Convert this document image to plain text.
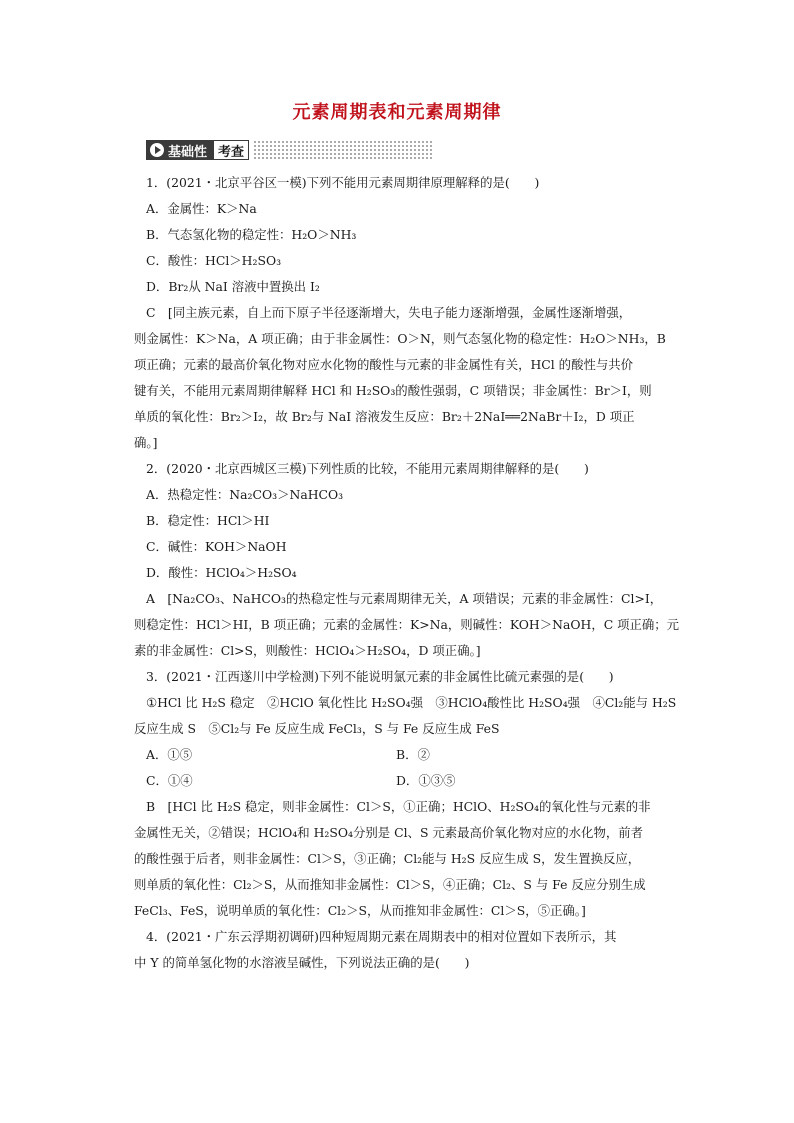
元素周期表和元素周期律
基础性 考查
1．(2021・北京平谷区一模)下列不能用元素周期律原理解释的是(　　)
A．金属性：K＞Na
B．气态氢化物的稳定性：H₂O＞NH₃
C．酸性：HCl＞H₂SO₃
D．Br₂从 NaI 溶液中置换出 I₂
C　[同主族元素，自上而下原子半径逐渐增大，失电子能力逐渐增强，金属性逐渐增强，
则金属性：K＞Na，A 项正确；由于非金属性：O＞N，则气态氢化物的稳定性：H₂O＞NH₃，B
项正确；元素的最高价氧化物对应水化物的酸性与元素的非金属性有关，HCl 的酸性与共价
键有关，不能用元素周期律解释 HCl 和 H₂SO₃的酸性强弱，C 项错误；非金属性：Br＞I，则
单质的氧化性：Br₂＞I₂，故 Br₂与 NaI 溶液发生反应：Br₂＋2NaI══2NaBr＋I₂，D 项正
确。]
2．(2020・北京西城区三模)下列性质的比较，不能用元素周期律解释的是(　　)
A．热稳定性：Na₂CO₃＞NaHCO₃
B．稳定性：HCl＞HI
C．碱性：KOH＞NaOH
D．酸性：HClO₄＞H₂SO₄
A　[Na₂CO₃、NaHCO₃的热稳定性与元素周期律无关，A 项错误；元素的非金属性：Cl>I，
则稳定性：HCl＞HI，B 项正确；元素的金属性：K>Na，则碱性：KOH＞NaOH，C 项正确；元
素的非金属性：Cl>S，则酸性：HClO₄＞H₂SO₄，D 项正确。]
3．(2021・江西遂川中学检测)下列不能说明氯元素的非金属性比硫元素强的是(　　)
①HCl 比 H₂S 稳定　②HClO 氧化性比 H₂SO₄强　③HClO₄酸性比 H₂SO₄强　④Cl₂能与 H₂S
反应生成 S　⑤Cl₂与 Fe 反应生成 FeCl₃，S 与 Fe 反应生成 FeS
A．①⑤	B．②
C．①④	D．①③⑤
B　[HCl 比 H₂S 稳定，则非金属性：Cl＞S，①正确；HClO、H₂SO₄的氧化性与元素的非
金属性无关，②错误；HClO₄和 H₂SO₄分别是 Cl、S 元素最高价氧化物对应的水化物，前者
的酸性强于后者，则非金属性：Cl＞S，③正确；Cl₂能与 H₂S 反应生成 S，发生置换反应，
则单质的氧化性：Cl₂＞S，从而推知非金属性：Cl＞S，④正确；Cl₂、S 与 Fe 反应分别生成
FeCl₃、FeS，说明单质的氧化性：Cl₂＞S，从而推知非金属性：Cl＞S，⑤正确。]
4．(2021・广东云浮期初调研)四种短周期元素在周期表中的相对位置如下表所示，其
中 Y 的简单氢化物的水溶液呈碱性，下列说法正确的是(　　)
